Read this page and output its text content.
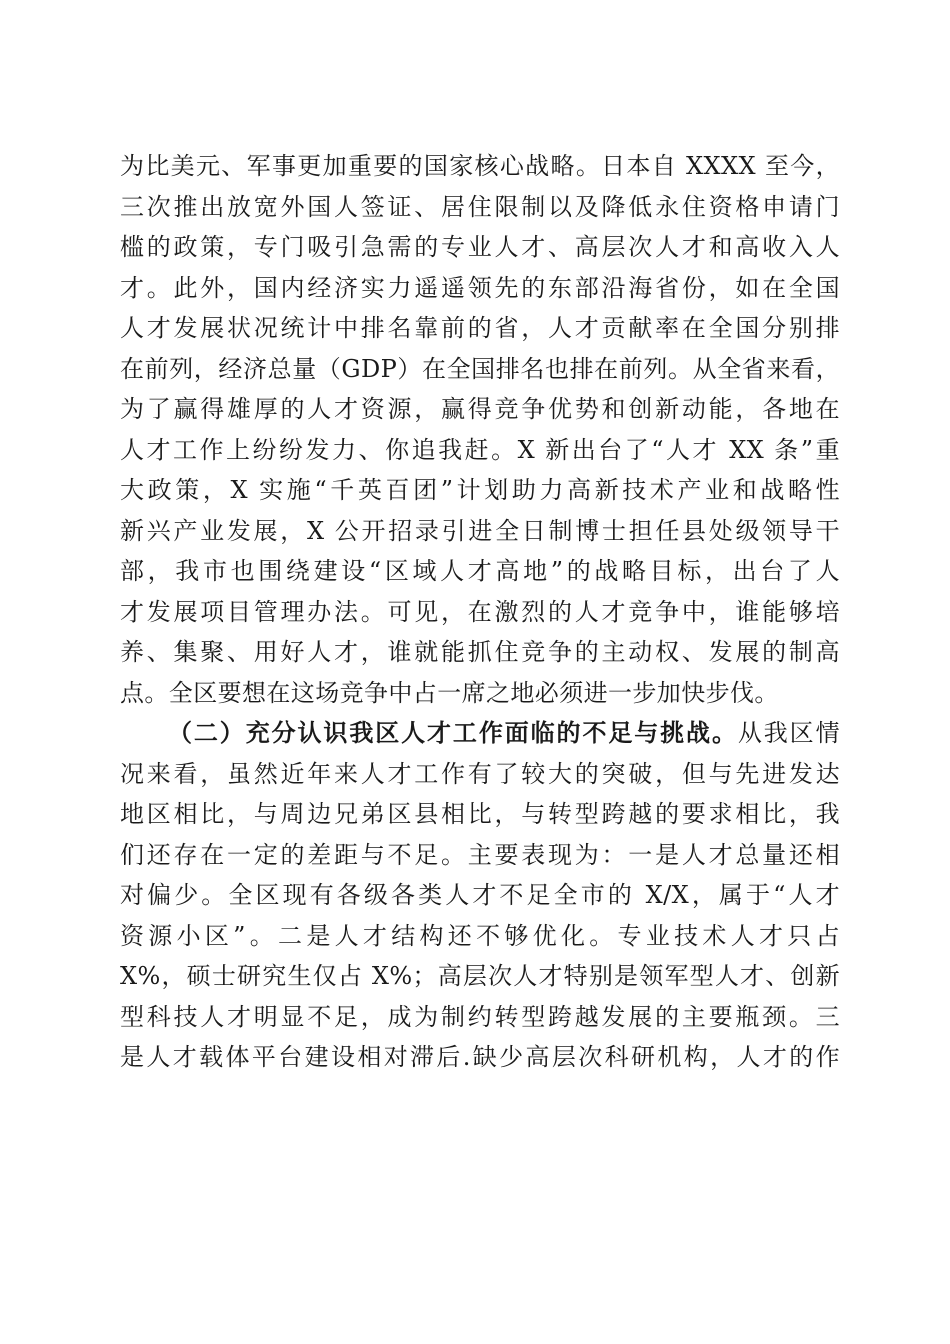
为比美元、军事更加重要的国家核心战略。日本自 XXXX 至今，
三次推出放宽外国人签证、居住限制以及降低永住资格申请门
槛的政策，专门吸引急需的专业人才、高层次人才和高收入人
才。此外，国内经济实力遥遥领先的东部沿海省份，如在全国
人才发展状况统计中排名靠前的省，人才贡献率在全国分别排
在前列，经济总量（GDP）在全国排名也排在前列。从全省来看，
为了赢得雄厚的人才资源，赢得竞争优势和创新动能，各地在
人才工作上纷纷发力、你追我赶。X 新出台了“人才 XX 条”重
大政策，X 实施“千英百团”计划助力高新技术产业和战略性
新兴产业发展，X 公开招录引进全日制博士担任县处级领导干
部，我市也围绕建设“区域人才高地”的战略目标，出台了人
才发展项目管理办法。可见，在激烈的人才竞争中，谁能够培
养、集聚、用好人才，谁就能抓住竞争的主动权、发展的制高
点。全区要想在这场竞争中占一席之地必须进一步加快步伐。
（二）充分认识我区人才工作面临的不足与挑战。从我区情
况来看，虽然近年来人才工作有了较大的突破，但与先进发达
地区相比，与周边兄弟区县相比，与转型跨越的要求相比，我
们还存在一定的差距与不足。主要表现为：一是人才总量还相
对偏少。全区现有各级各类人才不足全市的 X/X，属于“人才
资源小区”。二是人才结构还不够优化。专业技术人才只占
X%，硕士研究生仅占 X%；高层次人才特别是领军型人才、创新
型科技人才明显不足，成为制约转型跨越发展的主要瓶颈。三
是人才载体平台建设相对滞后.缺少高层次科研机构，人才的作
